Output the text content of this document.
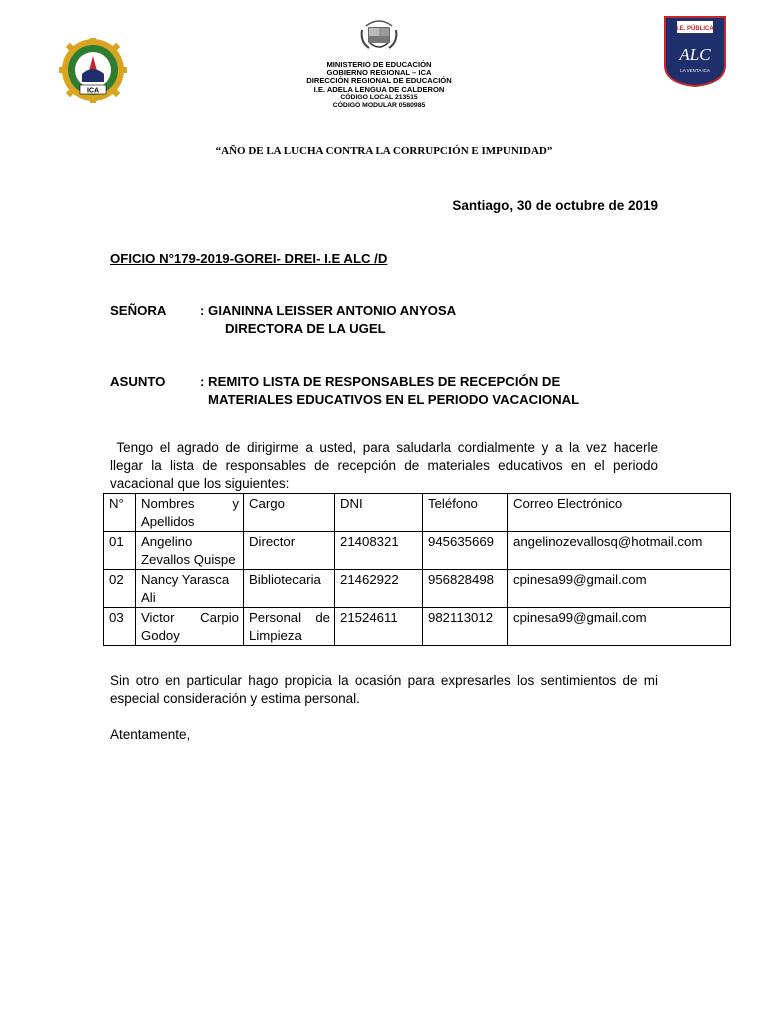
ICA
I.E. PÚBLICA
ALC
LA VENTA ICA
MINISTERIO DE EDUCACIÓN
GOBIERNO REGIONAL – ICA
DIRECCIÓN REGIONAL DE EDUCACIÓN
I.E. ADELA LENGUA DE CALDERON
CÓDIGO LOCAL 213515
CÓDIGO MODULAR 0580985
“AÑO DE LA LUCHA CONTRA LA CORRUPCIÓN E IMPUNIDAD”
Santiago, 30 de octubre de 2019
OFICIO N°179-2019-GOREI- DREI- I.E ALC /D
SEÑORA	: GIANINNA LEISSER ANTONIO ANYOSA
DIRECTORA DE LA UGEL
ASUNTO	: REMITO LISTA DE RESPONSABLES DE RECEPCIÓN DE
MATERIALES EDUCATIVOS EN EL PERIODO VACACIONAL
Tengo el agrado de dirigirme a usted, para saludarla cordialmente y a la vez hacerle
llegar la lista de responsables de recepción de materiales educativos en el periodo
vacacional que los siguientes:
N°	Nombres y Apellidos	Cargo	DNI	Teléfono	Correo Electrónico
01	Angelino Zevallos Quispe	Director	21408321	945635669	angelinozevallosq@hotmail.com
02	Nancy Yarasca Ali	Bibliotecaria	21462922	956828498	cpinesa99@gmail.com
03	Victor Carpio Godoy	Personal de Limpieza	21524611	982113012	cpinesa99@gmail.com
Sin otro en particular hago propicia la ocasión para expresarles los sentimientos de mi
especial consideración y estima personal.
Atentamente,
